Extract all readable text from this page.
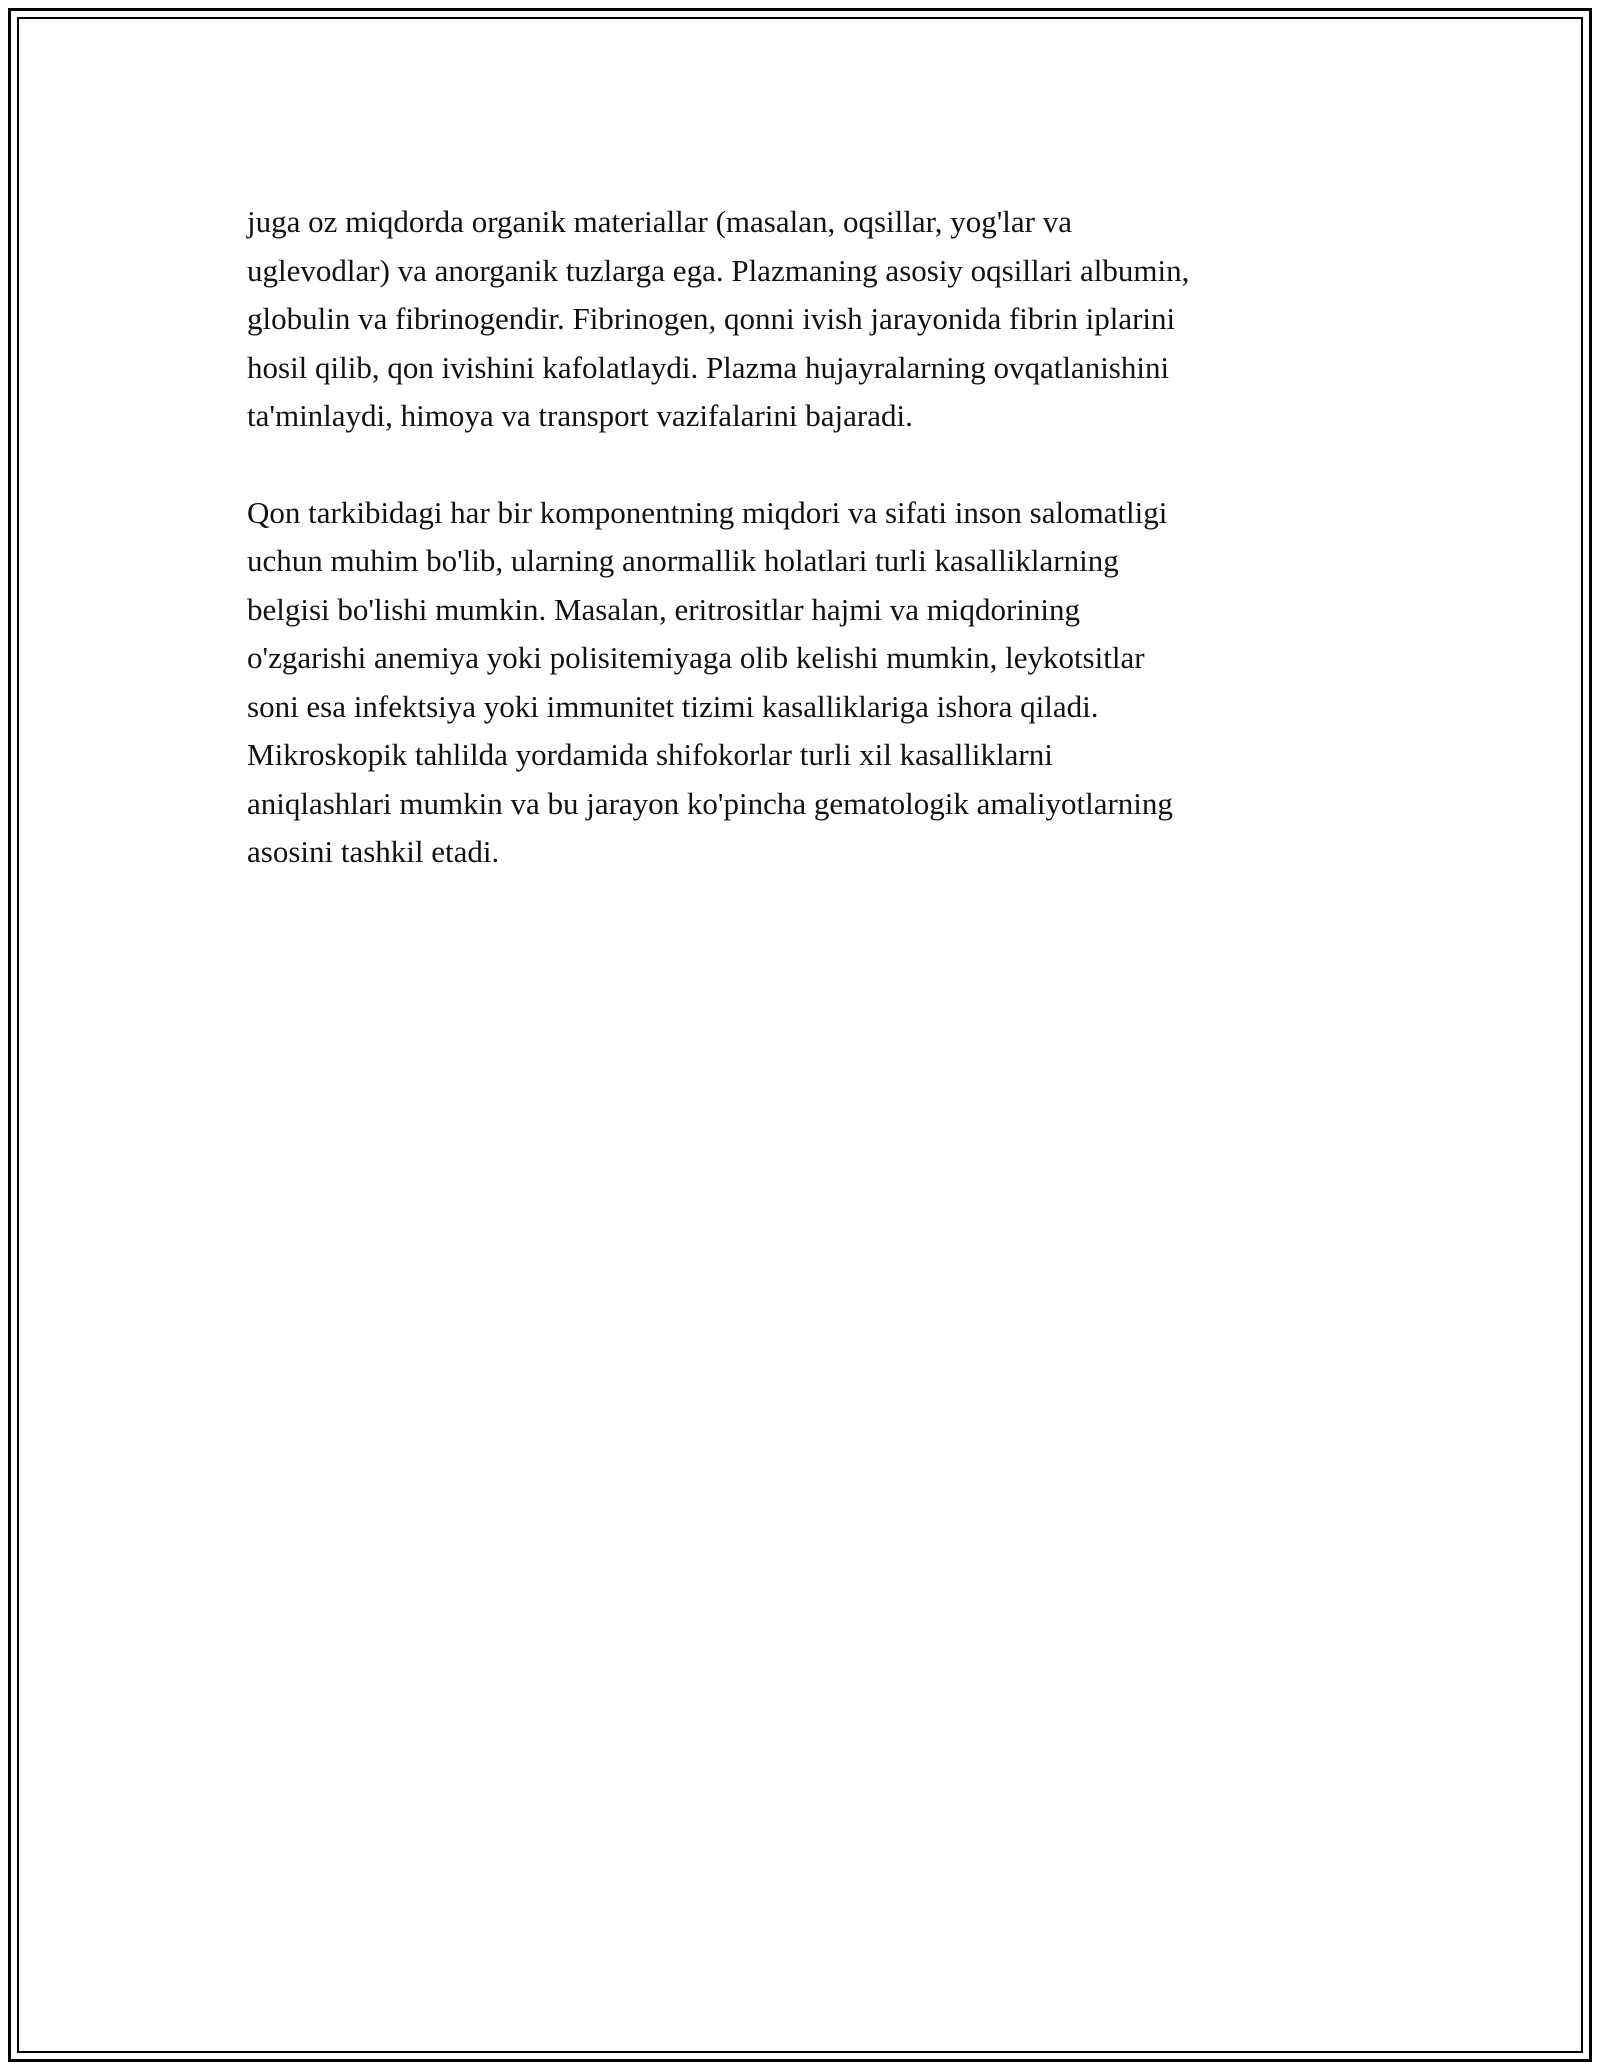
juga oz miqdorda organik materiallar (masalan, oqsillar, yog'lar va
uglevodlar) va anorganik tuzlarga ega. Plazmaning asosiy oqsillari albumin,
globulin va fibrinogendir. Fibrinogen, qonni ivish jarayonida fibrin iplarini
hosil qilib, qon ivishini kafolatlaydi. Plazma hujayralarning ovqatlanishini
ta'minlaydi, himoya va transport vazifalarini bajaradi.

Qon tarkibidagi har bir komponentning miqdori va sifati inson salomatligi
uchun muhim bo'lib, ularning anormallik holatlari turli kasalliklarning
belgisi bo'lishi mumkin. Masalan, eritrositlar hajmi va miqdorining
o'zgarishi anemiya yoki polisitemiyaga olib kelishi mumkin, leykotsitlar
soni esa infektsiya yoki immunitet tizimi kasalliklariga ishora qiladi.
Mikroskopik tahlilda yordamida shifokorlar turli xil kasalliklarni
aniqlashlari mumkin va bu jarayon ko'pincha gematologik amaliyotlarning
asosini tashkil etadi.
